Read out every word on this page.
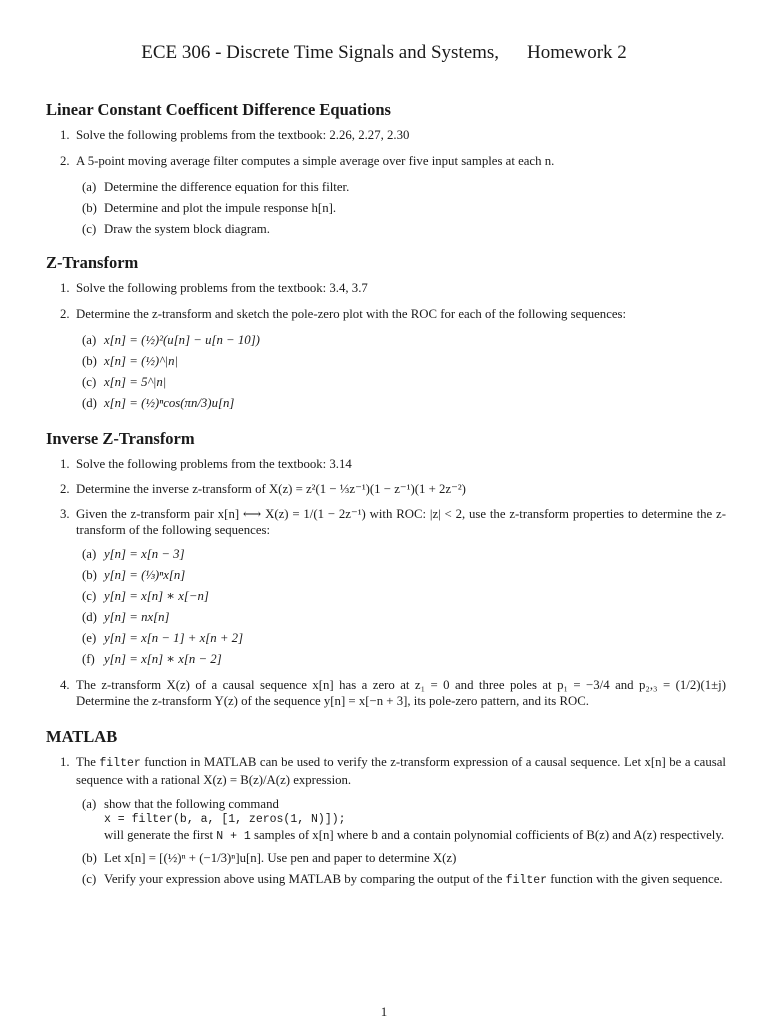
ECE 306 - Discrete Time Signals and Systems, Homework 2
Linear Constant Coefficent Difference Equations
1. Solve the following problems from the textbook: 2.26, 2.27, 2.30
2. A 5-point moving average filter computes a simple average over five input samples at each n.
(a) Determine the difference equation for this filter.
(b) Determine and plot the impule response h[n].
(c) Draw the system block diagram.
Z-Transform
1. Solve the following problems from the textbook: 3.4, 3.7
2. Determine the z-transform and sketch the pole-zero plot with the ROC for each of the following sequences:
(a) x[n] = (½)²(u[n] − u[n − 10])
(b) x[n] = (½)^|n|
(c) x[n] = 5^|n|
(d) x[n] = (½)ⁿcos(πn/3)u[n]
Inverse Z-Transform
1. Solve the following problems from the textbook: 3.14
2. Determine the inverse z-transform of X(z) = z²(1 − ⅓z⁻¹)(1 − z⁻¹)(1 + 2z⁻²)
3. Given the z-transform pair x[n] ⟷ X(z) = 1/(1 − 2z⁻¹) with ROC: |z| < 2, use the z-transform properties to determine the z-transform of the following sequences:
(a) y[n] = x[n − 3]
(b) y[n] = (⅓)ⁿx[n]
(c) y[n] = x[n] ∗ x[−n]
(d) y[n] = nx[n]
(e) y[n] = x[n − 1] + x[n + 2]
(f) y[n] = x[n] ∗ x[n − 2]
4. The z-transform X(z) of a causal sequence x[n] has a zero at z₁ = 0 and three poles at p₁ = −3/4 and p₂,₃ = (1/2)(1±j) Determine the z-transform Y(z) of the sequence y[n] = x[−n + 3], its pole-zero pattern, and its ROC.
MATLAB
1. The filter function in MATLAB can be used to verify the z-transform expression of a causal sequence. Let x[n] be a causal sequence with a rational X(z) = B(z)/A(z) expression.
(a) show that the following command
x = filter(b, a, [1, zeros(1, N)]);
will generate the first N + 1 samples of x[n] where b and a contain polynomial cofficients of B(z) and A(z) respectively.
(b) Let x[n] = [(½)ⁿ + (−1/3)ⁿ]u[n]. Use pen and paper to determine X(z)
(c) Verify your expression above using MATLAB by comparing the output of the filter function with the given sequence.
1
